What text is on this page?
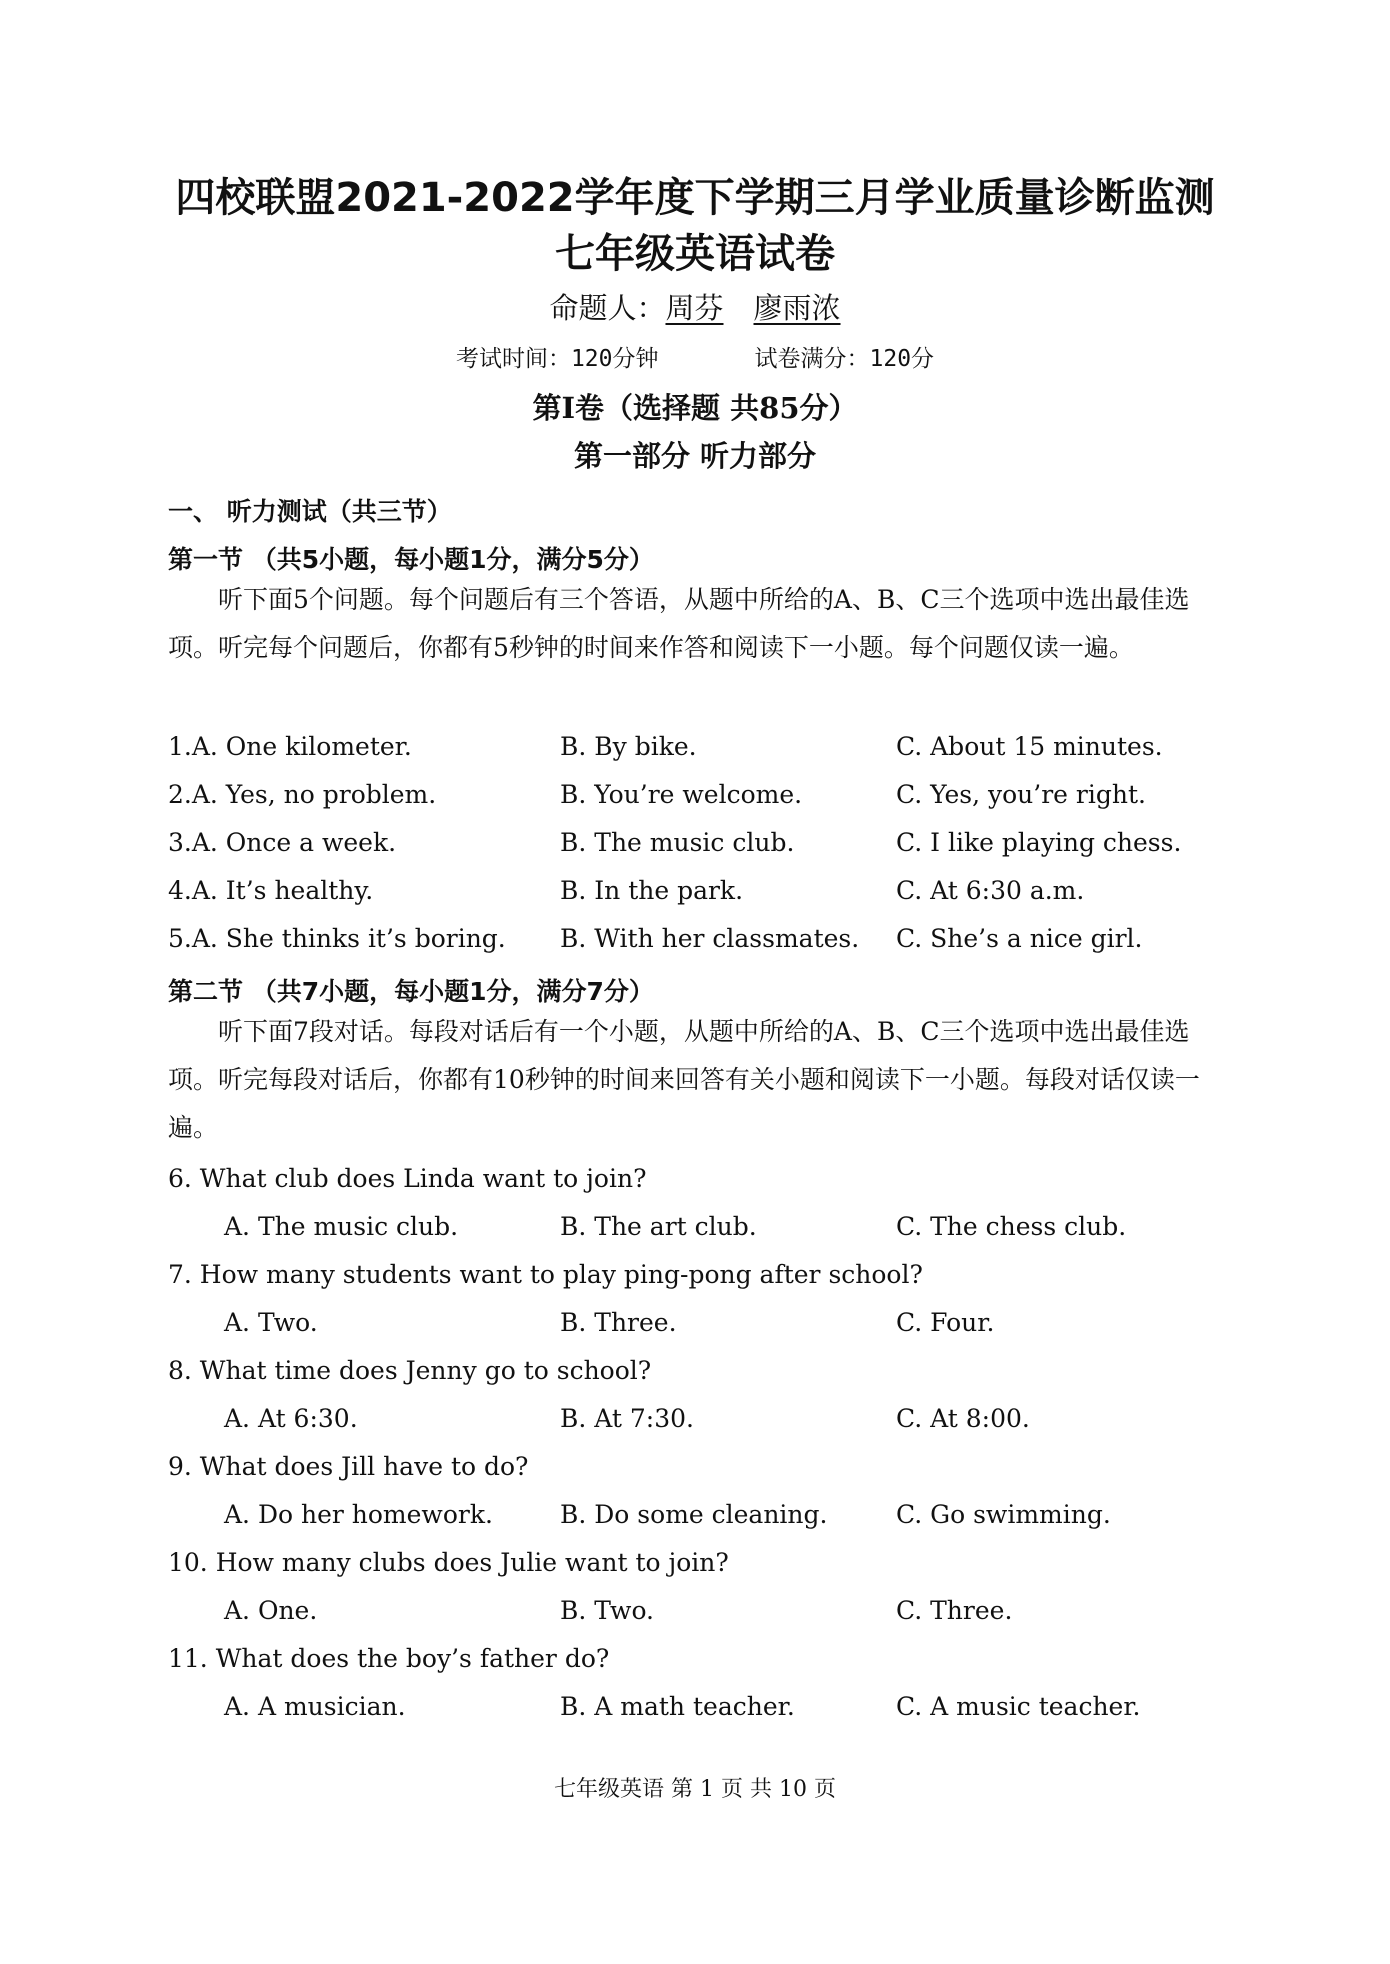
四校联盟2021-2022学年度下学期三月学业质量诊断监测
七年级英语试卷
命题人：周芬 廖雨浓
考试时间：120分钟	试卷满分：120分
第Ⅰ卷（选择题 共85分）
第一部分 听力部分
一、 听力测试（共三节）
第一节 （共5小题，每小题1分，满分5分）
听下面5个问题。每个问题后有三个答语，从题中所给的A、B、C三个选项中选出最佳选项。听完每个问题后，你都有5秒钟的时间来作答和阅读下一小题。每个问题仅读一遍。
1.A. One kilometer.	B. By bike.	C. About 15 minutes.
2.A. Yes, no problem.	B. You’re welcome.	C. Yes, you’re right.
3.A. Once a week.	B. The music club.	C. I like playing chess.
4.A. It’s healthy.	B. In the park.	C. At 6:30 a.m.
5.A. She thinks it’s boring. B. With her classmates. C. She’s a nice girl.
第二节 （共7小题，每小题1分，满分7分）
听下面7段对话。每段对话后有一个小题，从题中所给的A、B、C三个选项中选出最佳选项。听完每段对话后，你都有10秒钟的时间来回答有关小题和阅读下一小题。每段对话仅读一遍。
6. What club does Linda want to join?
A. The music club.	B. The art club.	C. The chess club.
7. How many students want to play ping-pong after school?
A. Two.	B. Three.	C. Four.
8. What time does Jenny go to school?
A. At 6:30.	B. At 7:30.	C. At 8:00.
9. What does Jill have to do?
A. Do her homework.	B. Do some cleaning.	C. Go swimming.
10. How many clubs does Julie want to join?
A. One.	B. Two.	C. Three.
11. What does the boy’s father do?
A. A musician.	B. A math teacher.	C. A music teacher.
七年级英语 第 1 页 共 10 页
